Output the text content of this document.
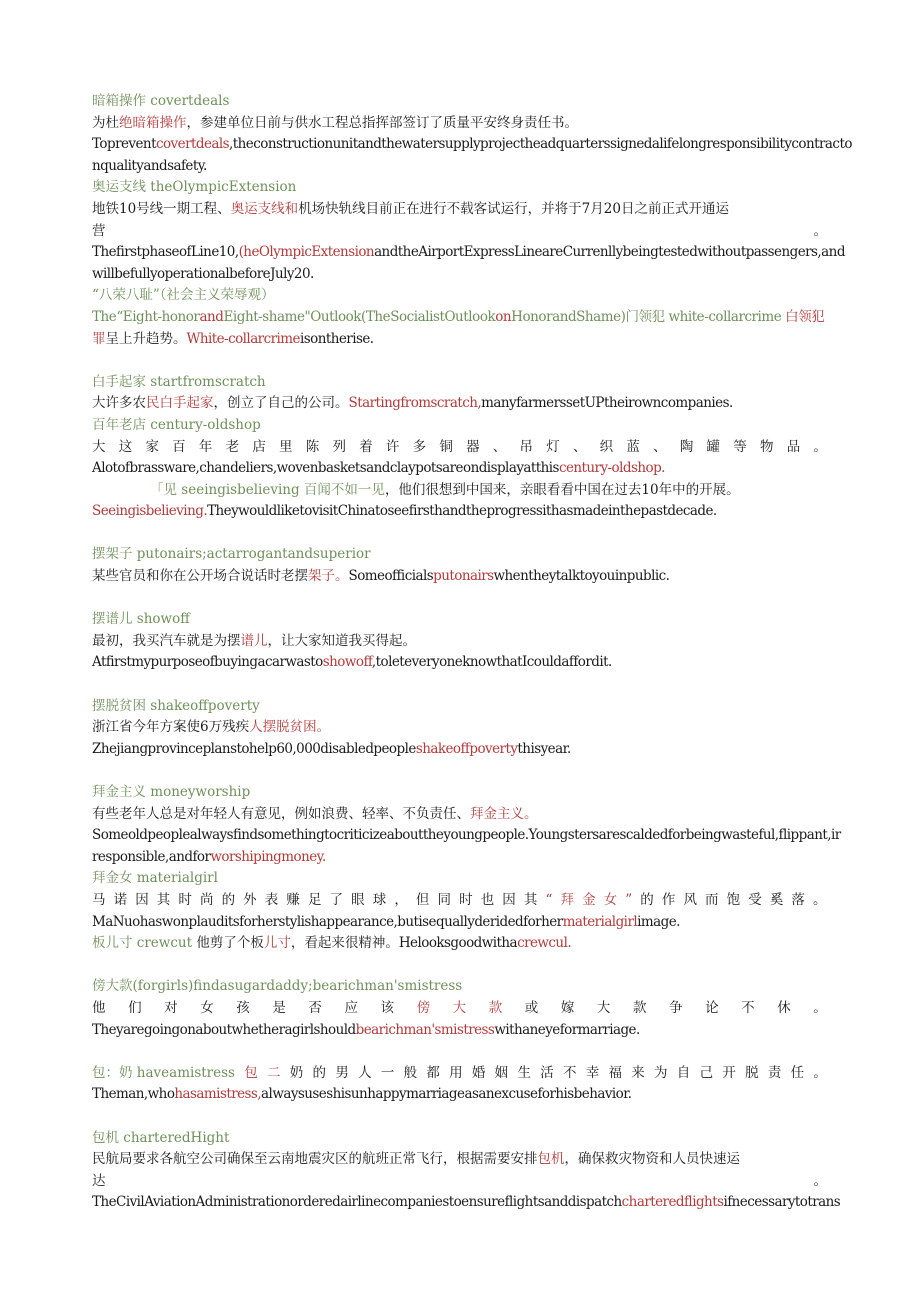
暗箱操作 covertdeals
为杜绝暗箱操作，参建单位日前与供水工程总指挥部签订了质量平安终身责任书。
Topreventcovertdeals,theconstructionunitandthewatersupplyprojectheadquarterssignedalifelongresponsibilitycontracto
nqualityandsafety.
奥运支线 theOlympicExtension
地铁10号线一期工程、奥运支线和机场快轨线目前正在进行不载客试运行，并将于7月20日之前正式开通运
营	。
ThefirstphaseofLine10,(heOlympicExtensionandtheAirportExpressLineareCurrenllybeingtestedwithoutpassengers,and
willbefullyoperationalbeforeJuly20.
“八荣八耻”（社会主义荣辱观）
The“Eight-honorandEight-shame"Outlook(TheSocialistOutlookonHonorandShame)门领犯 white-collarcrime 白领犯
罪呈上升趋势。White-collarcrimeisontherise.
白手起家 startfromscratch
大许多农民白手起家，创立了自己的公司。Startingfromscratch,manyfarmerssetUPtheirowncompanies.
百年老店 century-oldshop
大 这 家 百 年 老 店 里 陈 列 着 许 多 铜 器 、 吊 灯 、 织 蓝 、 陶 罐 等 物 品 。
Alotofbrassware,chandeliers,wovenbasketsandclaypotsareondisplayatthiscentury-oldshop.
「见 seeingisbelieving 百闻不如一见，他们很想到中国来，亲眼看看中国在过去10年中的开展。
Seeingisbelieving.TheywouldliketovisitChinatoseefirsthandtheprogressithasmadeinthepastdecade.
摆架子 putonairs;actarrogantandsuperior
某些官员和你在公开场合说话时老摆架子。Someofficialsputonairswhentheytalktoyouinpublic.
摆谱儿 showoff
最初，我买汽车就是为摆谱儿，让大家知道我买得起。
Atfirstmypurposeofbuyingacarwastoshowoff,toleteveryoneknowthatIcouldaffordit.
摆脱贫困 shakeoffpoverty
浙江省今年方案使6万残疾人摆脱贫困。
Zhejiangprovinceplanstohelp60,000disabledpeopleshakeoffpovertythisyear.
拜金主义 moneyworship
有些老年人总是对年轻人有意见，例如浪费、轻率、不负责任、拜金主义。
Someoldpeoplealwaysfindsomethingtocriticizeabouttheyoungpeople.Youngstersarescaldedforbeingwasteful,flippant,ir
responsible,andforworshipingmoney.
拜金女 materialgirl
马 诺 因 其 时 尚 的 外 表 赚 足 了 眼 球 ， 但 同 时 也 因 其 “ 拜 金 女 ” 的 作 风 而 饱 受 奚 落 。
MaNuohaswonplauditsforherstylishappearance,butisequallyderidedforhermaterialgirlimage.
板儿寸 crewcut 他剪了个板儿寸，看起来很精神。Helooksgoodwithacrewcul.
傍大款(forgirls)findasugardaddy;bearichman'smistress
他 们 对 女 孩 是 否 应 该 傍 大 款 或 嫁 大 款 争 论 不 休 。
Theyaregoingonaboutwhetheragirlshouldbearichman'smistresswithaneyeformarriage.
包：奶 haveamistress 包 二 奶 的 男 人 一 般 都 用 婚 姻 生 活 不 幸 福 来 为 自 己 开 脱 责 任 。
Theman,whohasamistress,alwaysuseshisunhappymarriageasanexcuseforhisbehavior.
包机 charteredHight
民航局要求各航空公司确保至云南地震灾区的航班正常飞行，根据需要安排包机，确保救灾物资和人员快速运
达	。
TheCivilAviationAdministrationorderedairlinecompaniestoensureflightsanddispatchcharteredflightsifnecessarytotrans
